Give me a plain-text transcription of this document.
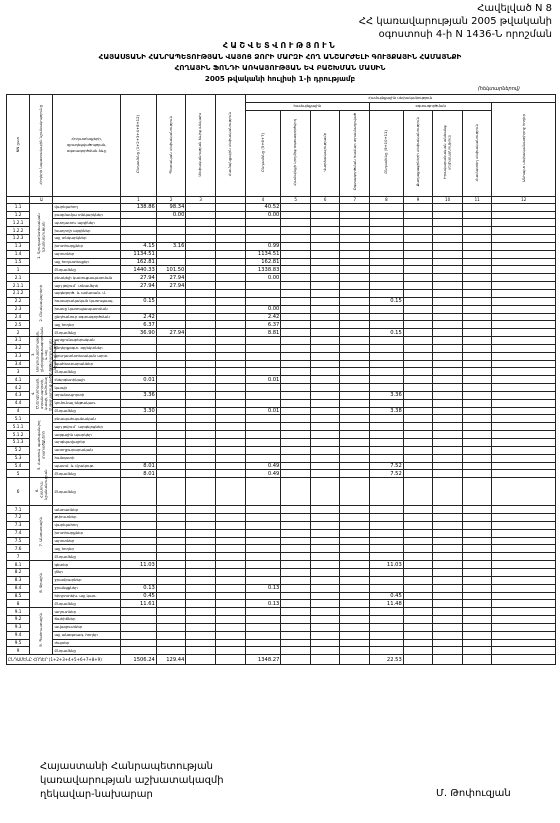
Հավելված N 8
ՀՀ կառավարության 2005 թվականի
օգոստոսի 4-ի N 1436-Ն որոշման
ՀԱՇՎԵՏՎՈՒԹՅՈՒՆ
ՀԱՅԱՍՏԱՆԻ ՀԱՆՐԱՊԵՏՈՒԹՅԱՆ ՎԱՅՈՑ ՁՈՐԻ ՄԱՐԶԻ ՀՈՂ ԱՆՇԱՐԺԵԼԻ ԳՈՒՅՔԱՅԻՆ ՀԱՄԱՅՆՔԻ
ՀՈՂԱՅԻՆ ՖՈՆԴԻ ԱՌԿԱՅՈՒԹՅԱՆ ԵՎ ԲԱՇԽՄԱՆ ՄԱՍԻՆ
2005 թվականի հուլիսի 1-ի դրությամբ
(հեկտարներով)
NN ըստ	Հողերի նպատակային նշանակությունը	Հողատեսքերի, զբաղեցվածության, օգտագործման ձևը	Ընդամենը (1+2+3+4+8+12)	Պետական սեփականություն	Սեփականության ձևից անկախ	Համայնքային սեփականություն	Համայնքային սեփականություն								
							համայնքային				օգտագործման				Անհայտ սեփականատիրոջ հողեր
							Ընդամենը (5+6+7)	Համայնքի կողմից օգտագործվող	Վարձակալությամբ	Օգտագործման համար տրամադրված	Ընդամենը (9+10+11)	Քաղաքացիների սեփականություն	Իրավաբանական անձանց սեփականություն	Համատեղ սեփականություն	
	Ա		1	2	3		4	5	6	7	8	9	10	11	12
1.1	1. Գյուղատնտեսական նշանակության	վարելահող	138.86	98.34			40.52								
1.2		բազմամյա տնկարկներ		0.00			0.00								
1.2.1		պտղատու այգիներ													
1.2.2		խաղողի այգիներ													
1.2.3		այլ տնկարկներ													
1.3		խոտհարքներ	4.15	3.16			0.99								
1.4		արոտներ	1134.51				1134.51								
1.5		այլ հողատեսքեր	162.81				162.81								
1		Ընդամենը	1440.33	101.50			1338.83								
2.1	2. Բնակավայրերի	բնակելի կառուցապատման	27.94	27.94			0.00								
2.1.1		այդ թվում` տնամերձ	27.94	27.94											
2.1.2		այգեգործ. և ամառան. մ.													
2.2		հասարակական կառուցապ.	0.15								0.15				
2.3		խառը կառուցապատման					0.00								
2.4		ընդհանուր օգտագործման	2.42				2.42								
2.5		այլ հողեր	6.37				6.37								
2		Ընդամենը	36.90	27.94			8.81				0.15				
3.1	3. Արդյունաբերության, ընդերքօգտագործման և այլ արտադրական նշանակության	արդյունաբերական													
3.2		ընդերքօգտ. օբյեկտներ													
3.3		գյուղատնտեսական արտ.													
3.4		պահեստարաններ													
3		Ընդամենը													
4.1	4. Էներգետիկայի, տրանսպորտի, կապի, կոմունալ ենթակառուցվածքների	էներգետիկայի	0.01				0.01								
4.2		կապի													
4.3		տրանսպորտի	3.36								3.36				
4.4		կոմունալ ենթակառ.													
4		Ընդամենը	3.30				0.01				3.38				
5.1	5. Հատուկ պահպանվող տարածքների	բնապահպանական													
5.1.1		այդ թվում` արգելոցներ													
5.1.2		ազգային պարկեր													
5.1.3		արգելավայրեր													
5.2		առողջարարական													
5.3		հանգստի													
5.4		պատմ. և մշակութ.	8.01				0.49				7.52				
5		Ընդամենը	8.01				0.49				7.52				
6	6. Հատուկ նշանակության	Ընդամենը													
7.1	7. Անտառային	անտառներ													
7.2		թփուտներ													
7.3		վարելահող													
7.4		խոտհարքներ													
7.5		արոտներ													
7.6		այլ հողեր													
7		Ընդամենը													
8.1	8. Ջրային	գետեր	11.03								11.03				
8.2		լճեր													
8.3		ջրամբարներ													
8.4		ջրանցքներ	0.13				0.13								
8.5		հիդրոտեխ. այլ կառ.	0.45								0.45				
8		Ընդամենը	11.61				0.13				11.48				
9.1	9. Պահուստային	աղուտներ													
9.2		ճահիճներ													
9.3		ավազուտներ													
9.4		այլ անօգտագ. հողեր													
9.5		ժայռեր													
9		Ընդամենը													
ԸՆԴԱՄԵՆԸ ՀՈՂԵՐ (1+2+3+4+5+6+7+8+9)			1506.24	129.44			1348.27				22.53				
Հայաստանի Հանրապետության
կառավարության աշխատակազմի
ղեկավար-նախարար	Մ. Թոփուզյան
